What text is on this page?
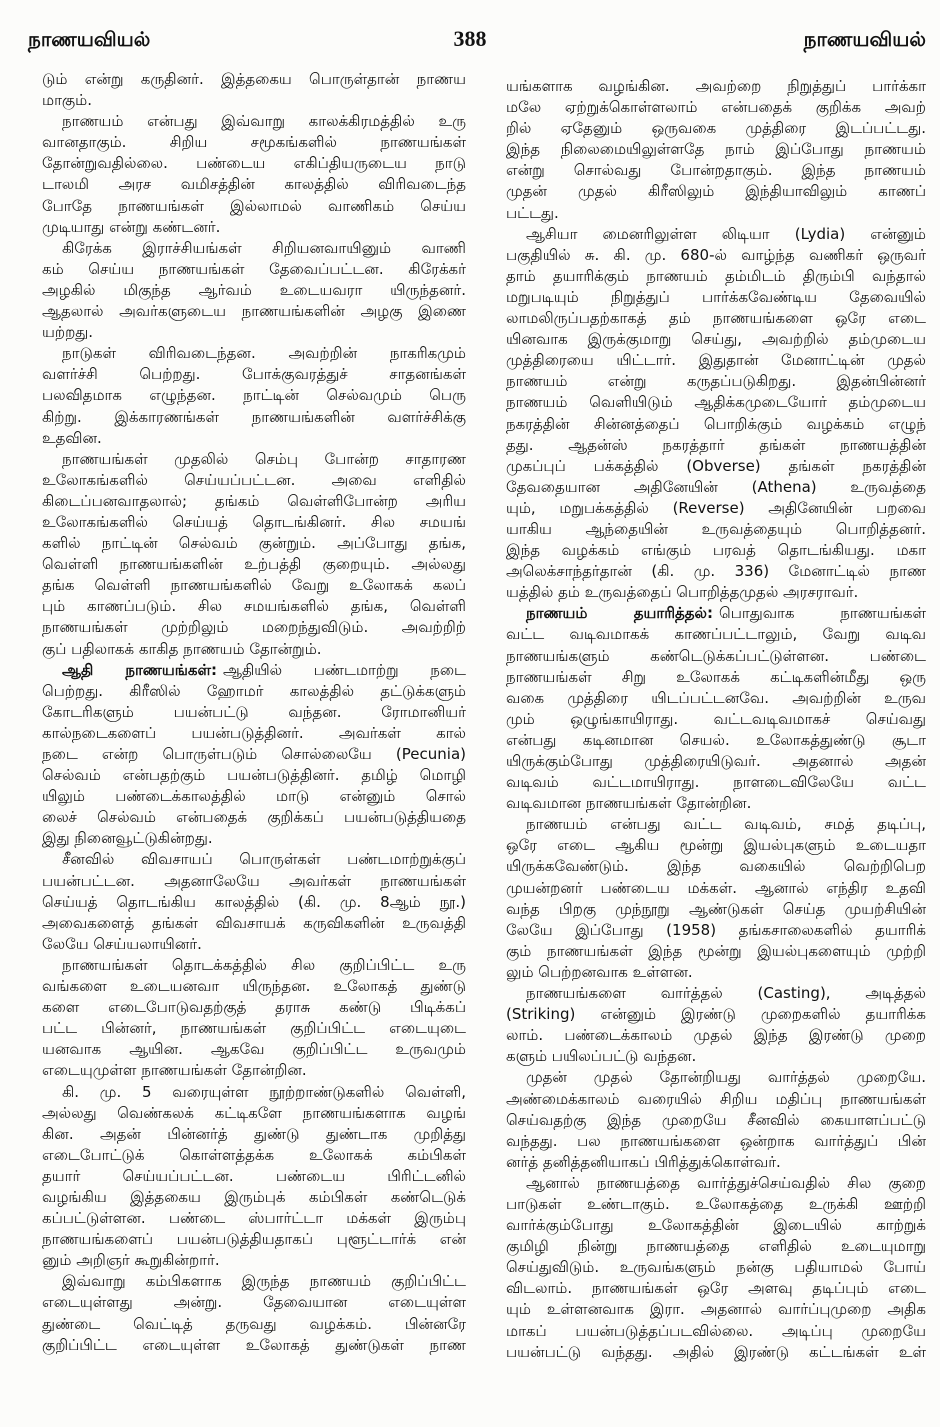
நாணயவியல்	388	நாணயவியல்
டும் என்று கருதினர். இத்தகைய பொருள்தான் நாணய
மாகும்.
நாணயம் என்பது இவ்வாறு காலக்கிரமத்தில் உரு
வானதாகும். சிறிய சமூகங்களில் நாணயங்கள்
தோன்றுவதில்லை. பண்டைய எகிப்தியருடைய நாடு
டாலமி அரச வமிசத்தின் காலத்தில் விரிவடைந்த
போதே நாணயங்கள் இல்லாமல் வாணிகம் செய்ய
முடியாது என்று கண்டனர்.
கிரேக்க இராச்சியங்கள் சிறியனவாயினும் வாணி
கம் செய்ய நாணயங்கள் தேவைப்பட்டன. கிரேக்கர்
அழகில் மிகுந்த ஆர்வம் உடையவரா யிருந்தனர்.
ஆதலால் அவர்களுடைய நாணயங்களின் அழகு இணை
யற்றது.
நாடுகள் விரிவடைந்தன. அவற்றின் நாகரிகமும்
வளர்ச்சி பெற்றது. போக்குவரத்துச் சாதனங்கள்
பலவிதமாக எழுந்தன. நாட்டின் செல்வமும் பெரு
கிற்று. இக்காரணங்கள் நாணயங்களின் வளர்ச்சிக்கு
உதவின.
நாணயங்கள் முதலில் செம்பு போன்ற சாதாரண
உலோகங்களில் செய்யப்பட்டன. அவை எளிதில்
கிடைப்பனவாதலால்; தங்கம் வெள்ளிபோன்ற அரிய
உலோகங்களில் செய்யத் தொடங்கினர். சில சமயங்
களில் நாட்டின் செல்வம் குன்றும். அப்போது தங்க,
வெள்ளி நாணயங்களின் உற்பத்தி குறையும். அல்லது
தங்க வெள்ளி நாணயங்களில் வேறு உலோகக் கலப்
பும் காணப்படும். சில சமயங்களில் தங்க, வெள்ளி
நாணயங்கள் முற்றிலும் மறைந்துவிடும். அவற்றிற்
குப் பதிலாகக் காகித நாணயம் தோன்றும்.
ஆதி நாணயங்கள்: ஆதியில் பண்டமாற்று நடை
பெற்றது. கிரீஸில் ஹோமர் காலத்தில் தட்டுக்களும்
கோடரிகளும் பயன்பட்டு வந்தன. ரோமானியர்
கால்நடைகளைப் பயன்படுத்தினர். அவர்கள் கால்
நடை என்ற பொருள்படும் சொல்லையே (Pecunia)
செல்வம் என்பதற்கும் பயன்படுத்தினர். தமிழ் மொழி
யிலும் பண்டைக்காலத்தில் மாடு என்னும் சொல்
லைச் செல்வம் என்பதைக் குறிக்கப் பயன்படுத்தியதை
இது நினைவூட்டுகின்றது.
சீனவில் விவசாயப் பொருள்கள் பண்டமாற்றுக்குப்
பயன்பட்டன. அதனாலேயே அவர்கள் நாணயங்கள்
செய்யத் தொடங்கிய காலத்தில் (கி. மு. 8ஆம் நூ.)
அவைகளைத் தங்கள் விவசாயக் கருவிகளின் உருவத்தி
லேயே செய்யலாயினர்.
நாணயங்கள் தொடக்கத்தில் சில குறிப்பிட்ட உரு
வங்களை உடையனவா யிருந்தன. உலோகத் துண்டு
களை எடைபோடுவதற்குத் தராசு கண்டு பிடிக்கப்
பட்ட பின்னர், நாணயங்கள் குறிப்பிட்ட எடையுடை
யனவாக ஆயின. ஆகவே குறிப்பிட்ட உருவமும்
எடையுமுள்ள நாணயங்கள் தோன்றின.
கி. மு. 5 வரையுள்ள நூற்றாண்டுகளில் வெள்ளி,
அல்லது வெண்கலக் கட்டிகளே நாணயங்களாக வழங்
கின. அதன் பின்னர்த் துண்டு துண்டாக முறித்து
எடைபோட்டுக் கொள்ளத்தக்க உலோகக் கம்பிகள்
தயார் செய்யப்பட்டன. பண்டைய பிரிட்டனில்
வழங்கிய இத்தகைய இரும்புக் கம்பிகள் கண்டெடுக்
கப்பட்டுள்ளன. பண்டை ஸ்பார்ட்டா மக்கள் இரும்பு
நாணயங்களைப் பயன்படுத்தியதாகப் புளூட்டார்க் என்
னும் அறிஞர் கூறுகின்றார்.
இவ்வாறு கம்பிகளாக இருந்த நாணயம் குறிப்பிட்ட
எடையுள்ளது அன்று. தேவையான எடையுள்ள
துண்டை வெட்டித் தருவது வழக்கம். பின்னரே
குறிப்பிட்ட எடையுள்ள உலோகத் துண்டுகள் நாண
யங்களாக வழங்கின. அவற்றை நிறுத்துப் பார்க்கா
மலே ஏற்றுக்கொள்ளலாம் என்பதைக் குறிக்க அவற்
றில் ஏதேனும் ஒருவகை முத்திரை இடப்பட்டது.
இந்த நிலைமையிலுள்ளதே நாம் இப்போது நாணயம்
என்று சொல்வது போன்றதாகும். இந்த நாணயம்
முதன் முதல் கிரீஸிலும் இந்தியாவிலும் காணப்
பட்டது.
ஆசியா மைனரிலுள்ள லிடியா (Lydia) என்னும்
பகுதியில் சு. கி. மு. 680-ல் வாழ்ந்த வணிகர் ஒருவர்
தாம் தயாரிக்கும் நாணயம் தம்மிடம் திரும்பி வந்தால்
மறுபடியும் நிறுத்துப் பார்க்கவேண்டிய தேவையில்
லாமலிருப்பதற்காகத் தம் நாணயங்களை ஒரே எடை
யினவாக இருக்குமாறு செய்து, அவற்றில் தம்முடைய
முத்திரையை யிட்டார். இதுதான் மேனாட்டின் முதல்
நாணயம் என்று கருதப்படுகிறது. இதன்பின்னர்
நாணயம் வெளியிடும் ஆதிக்கமுடையோர் தம்முடைய
நகரத்தின் சின்னத்தைப் பொறிக்கும் வழக்கம் எழுந்
தது. ஆதன்ஸ் நகரத்தார் தங்கள் நாணயத்தின்
முகப்புப் பக்கத்தில் (Obverse) தங்கள் நகரத்தின்
தேவதையான அதினேயின் (Athena) உருவத்தை
யும், மறுபக்கத்தில் (Reverse) அதினேயின் பறவை
யாகிய ஆந்தையின் உருவத்தையும் பொறித்தனர்.
இந்த வழக்கம் எங்கும் பரவத் தொடங்கியது. மகா
அலெக்சாந்தர்தான் (கி. மு. 336) மேனாட்டில் நாண
யத்தில் தம் உருவத்தைப் பொறித்தமுதல் அரசராவர்.
நாணயம் தயாரித்தல்: பொதுவாக நாணயங்கள்
வட்ட வடிவமாகக் காணப்பட்டாலும், வேறு வடிவ
நாணயங்களும் கண்டெடுக்கப்பட்டுள்ளன. பண்டை
நாணயங்கள் சிறு உலோகக் கட்டிகளின்மீது ஒரு
வகை முத்திரை யிடப்பட்டனவே. அவற்றின் உருவ
மும் ஒழுங்காயிராது. வட்டவடிவமாகச் செய்வது
என்பது கடினமான செயல். உலோகத்துண்டு சூடா
யிருக்கும்போது முத்திரையிடுவர். அதனால் அதன்
வடிவம் வட்டமாயிராது. நாளடைவிலேயே வட்ட
வடிவமான நாணயங்கள் தோன்றின.
நாணயம் என்பது வட்ட வடிவம், சமத் தடிப்பு,
ஒரே எடை ஆகிய மூன்று இயல்புகளும் உடையதா
யிருக்கவேண்டும். இந்த வகையில் வெற்றிபெற
முயன்றனர் பண்டைய மக்கள். ஆனால் எந்திர உதவி
வந்த பிறகு முந்நூறு ஆண்டுகள் செய்த முயற்சியின்
லேயே இப்போது (1958) தங்கசாலைகளில் தயாரிக்
கும் நாணயங்கள் இந்த மூன்று இயல்புகளையும் முற்றி
லும் பெற்றனவாக உள்ளன.
நாணயங்களை வார்த்தல் (Casting), அடித்தல்
(Striking) என்னும் இரண்டு முறைகளில் தயாரிக்க
லாம். பண்டைக்காலம் முதல் இந்த இரண்டு முறை
களும் பயிலப்பட்டு வந்தன.
முதன் முதல் தோன்றியது வார்த்தல் முறையே.
அண்மைக்காலம் வரையில் சிறிய மதிப்பு நாணயங்கள்
செய்வதற்கு இந்த முறையே சீனவில் கையாளப்பட்டு
வந்தது. பல நாணயங்களை ஒன்றாக வார்த்துப் பின்
னர்த் தனித்தனியாகப் பிரித்துக்கொள்வர்.
ஆனால் நாணயத்தை வார்த்துச்செய்வதில் சில குறை
பாடுகள் உண்டாகும். உலோகத்தை உருக்கி ஊற்றி
வார்க்கும்போது உலோகத்தின் இடையில் காற்றுக்
குமிழி நின்று நாணயத்தை எளிதில் உடையுமாறு
செய்துவிடும். உருவங்களும் நன்கு பதியாமல் போய்
விடலாம். நாணயங்கள் ஒரே அளவு தடிப்பும் எடை
யும் உள்ளனவாக இரா. அதனால் வார்ப்புமுறை அதிக
மாகப் பயன்படுத்தப்படவில்லை. அடிப்பு முறையே
பயன்பட்டு வந்தது. அதில் இரண்டு கட்டங்கள் உள்
